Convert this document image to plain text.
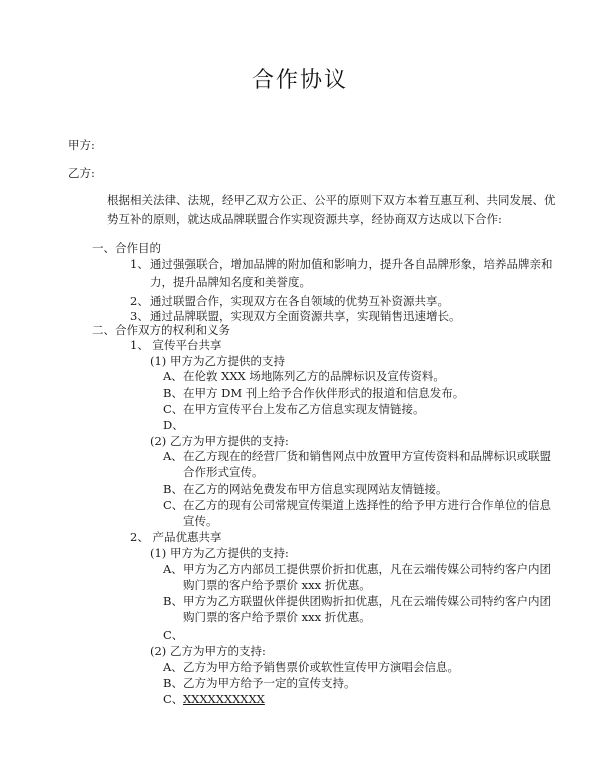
合作协议
甲方:
乙方:
根据相关法律、法规，经甲乙双方公正、公平的原则下双方本着互惠互利、共同发展、优
势互补的原则，就达成品牌联盟合作实现资源共享，经协商双方达成以下合作:
一、合作目的
1、通过强强联合，增加品牌的附加值和影响力，提升各自品牌形象，培养品牌亲和
力，提升品牌知名度和美誉度。
2、通过联盟合作，实现双方在各自领域的优势互补资源共享。
3、通过品牌联盟，实现双方全面资源共享，实现销售迅速增长。
二、合作双方的权利和义务
1、 宣传平台共享
(1) 甲方为乙方提供的支持
A、在伦敦 XXX 场地陈列乙方的品牌标识及宣传资料。
B、在甲方 DM 刊上给予合作伙伴形式的报道和信息发布。
C、在甲方宣传平台上发布乙方信息实现友情链接。
D、
(2) 乙方为甲方提供的支持:
A、在乙方现在的经营厂货和销售网点中放置甲方宣传资料和品牌标识或联盟
合作形式宣传。
B、在乙方的网站免费发布甲方信息实现网站友情链接。
C、在乙方的现有公司常规宣传渠道上选择性的给予甲方进行合作单位的信息
宣传。
2、 产品优惠共享
(1) 甲方为乙方提供的支持:
A、甲方为乙方内部员工提供票价折扣优惠，凡在云端传媒公司特约客户内团
购门票的客户给予票价 xxx 折优惠。
B、甲方为乙方联盟伙伴提供团购折扣优惠，凡在云端传媒公司特约客户内团
购门票的客户给予票价 xxx 折优惠。
C、
(2) 乙方为甲方的支持:
A、乙方为甲方给予销售票价或软性宣传甲方演唱会信息。
B、乙方为甲方给予一定的宣传支持。
C、XXXXXXXXXX
